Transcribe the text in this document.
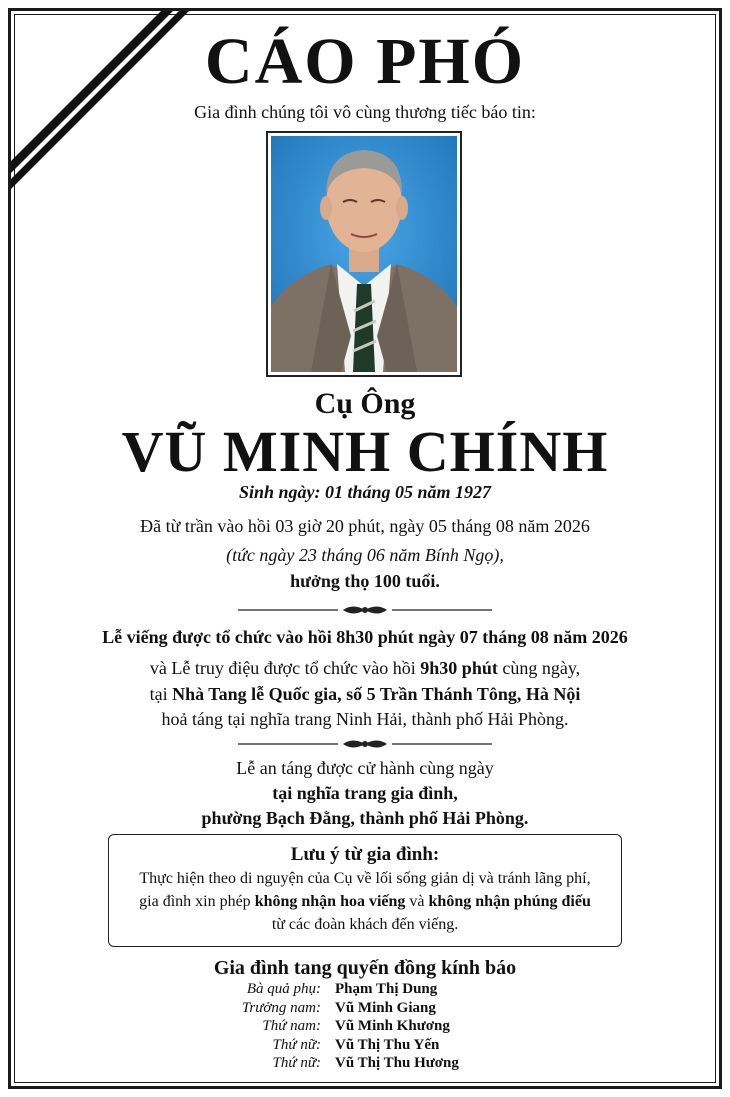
CÁO PHÓ
Gia đình chúng tôi vô cùng thương tiếc báo tin:
Cụ Ông
VŨ MINH CHÍNH
Sinh ngày: 01 tháng 05 năm 1927
Đã từ trần vào hồi 03 giờ 20 phút, ngày 05 tháng 08 năm 2026
(tức ngày 23 tháng 06 năm Bính Ngọ),
hưởng thọ 100 tuổi.
Lễ viếng được tổ chức vào hồi 8h30 phút ngày 07 tháng 08 năm 2026
và Lễ truy điệu được tổ chức vào hồi 9h30 phút cùng ngày,
tại Nhà Tang lễ Quốc gia, số 5 Trần Thánh Tông, Hà Nội
hoả táng tại nghĩa trang Ninh Hải, thành phố Hải Phòng.
Lễ an táng được cử hành cùng ngày
tại nghĩa trang gia đình,
phường Bạch Đằng, thành phố Hải Phòng.
Lưu ý từ gia đình:
Thực hiện theo di nguyện của Cụ về lối sống giản dị và tránh lãng phí,
gia đình xin phép không nhận hoa viếng và không nhận phúng điếu
từ các đoàn khách đến viếng.
Gia đình tang quyến đồng kính báo
Bà quả phụ: Phạm Thị Dung
Trưởng nam: Vũ Minh Giang
Thứ nam: Vũ Minh Khương
Thứ nữ: Vũ Thị Thu Yến
Thứ nữ: Vũ Thị Thu Hương
